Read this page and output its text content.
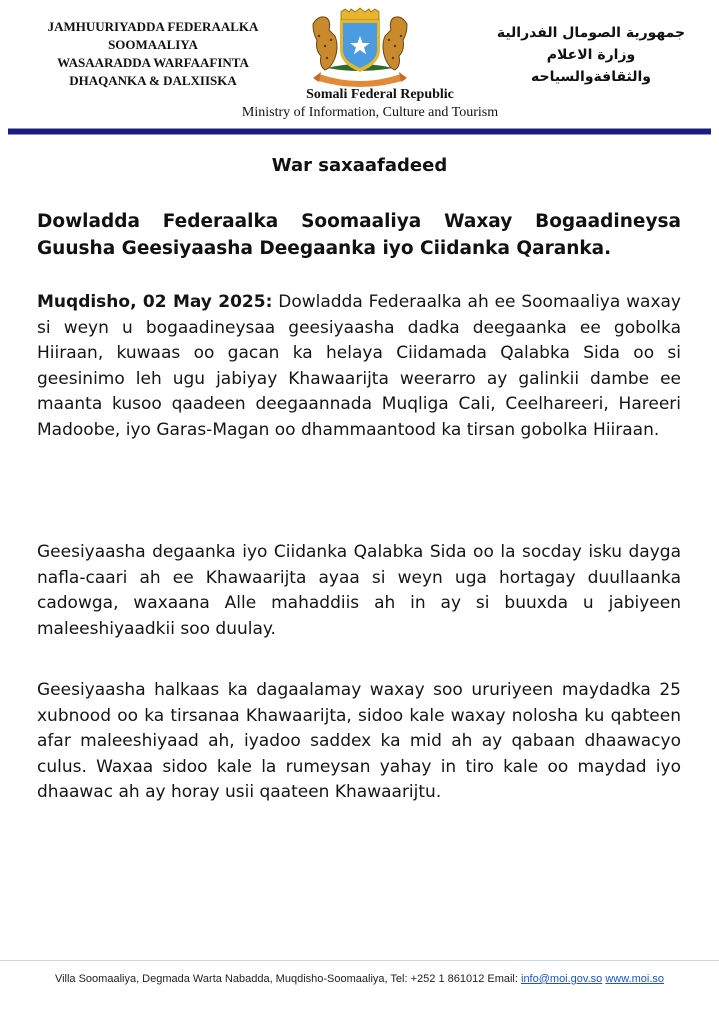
JAMHUURIYADDA FEDERAALKA
SOOMAALIYA
WASAARADDA WARFAAFINTA
DHAQANKA & DALXIISKA
Somali Federal Republic
Ministry of Information, Culture and Tourism
جمهورية الصومال الفدرالية
وزارة الاعلام
والثقافةوالسياحه
War saxaafadeed
Dowladda Federaalka Soomaaliya Waxay Bogaadineysa Guusha Geesiyaasha Deegaanka iyo Ciidanka Qaranka.
Muqdisho, 02 May 2025: Dowladda Federaalka ah ee Soomaaliya waxay si weyn u bogaadineysaa geesiyaasha dadka deegaanka ee gobolka Hiiraan, kuwaas oo gacan ka helaya Ciidamada Qalabka Sida oo si geesinimo leh ugu jabiyay Khawaarijta weerarro ay galinkii dambe ee maanta kusoo qaadeen deegaannada Muqliga Cali, Ceelhareeri, Hareeri Madoobe, iyo Garas-Magan oo dhammaantood ka tirsan gobolka Hiiraan.
Geesiyaasha degaanka iyo Ciidanka Qalabka Sida oo la socday isku dayga nafla-caari ah ee Khawaarijta ayaa si weyn uga hortagay duullaanka cadowga, waxaana Alle mahaddiis ah in ay si buuxda u jabiyeen maleeshiyaadkii soo duulay.
Geesiyaasha halkaas ka dagaalamay waxay soo ururiyeen maydadka 25 xubnood oo ka tirsanaa Khawaarijta, sidoo kale waxay nolosha ku qabteen afar maleeshiyaad ah, iyadoo saddex ka mid ah ay qabaan dhaawacyo culus. Waxaa sidoo kale la rumeysan yahay in tiro kale oo maydad iyo dhaawac ah ay horay usii qaateen Khawaarijtu.
Villa Soomaaliya, Degmada Warta Nabadda, Muqdisho-Soomaaliya, Tel: +252 1 861012 Email: info@moi.gov.so www.moi.so
